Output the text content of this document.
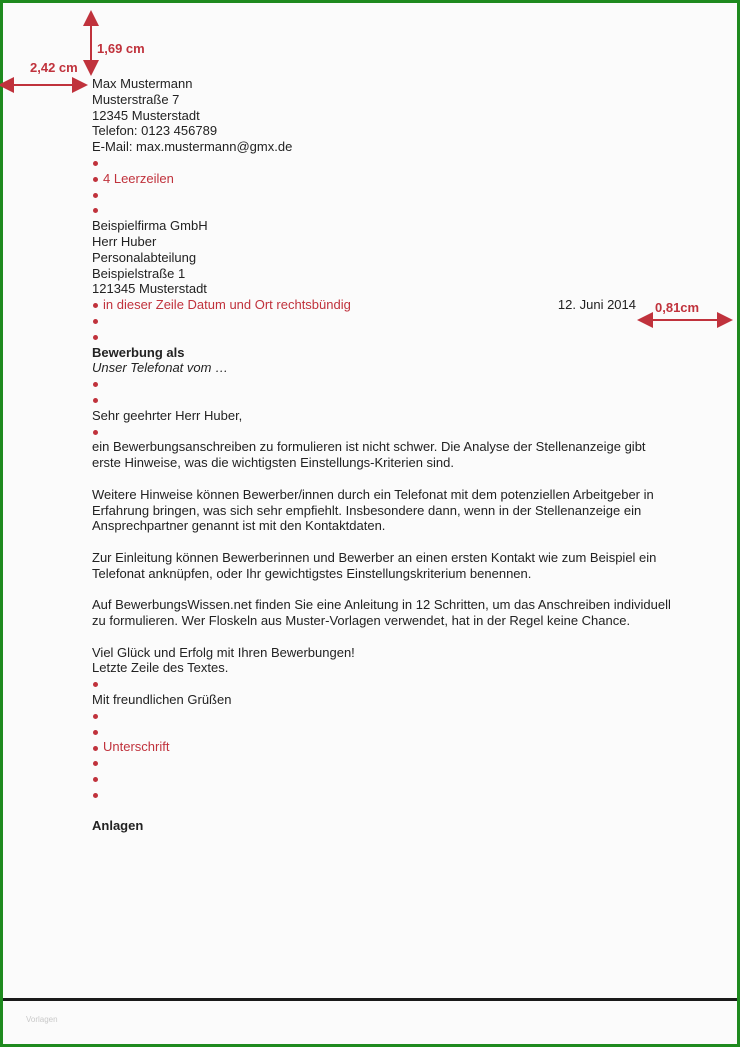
Vorlagen
1,69 cm
2,42 cm
0,81cm
Max Mustermann
Musterstraße 7
12345 Musterstadt
Telefon: 0123 456789
E-Mail: max.mustermann@gmx.de
4 Leerzeilen
Beispielfirma GmbH
Herr Huber
Personalabteilung
Beispielstraße 1
121345 Musterstadt
in dieser Zeile Datum und Ort rechtsbündig	12. Juni 2014
Bewerbung als
Unser Telefonat vom …
Sehr geehrter Herr Huber,
ein Bewerbungsanschreiben zu formulieren ist nicht schwer. Die Analyse der Stellenanzeige gibt erste Hinweise, was die wichtigsten Einstellungs-Kriterien sind.
Weitere Hinweise können Bewerber/innen durch ein Telefonat mit dem potenziellen Arbeitgeber in Erfahrung bringen, was sich sehr empfiehlt. Insbesondere dann, wenn in der Stellenanzeige ein Ansprechpartner genannt ist mit den Kontaktdaten.
Zur Einleitung können Bewerberinnen und Bewerber an einen ersten Kontakt wie zum Beispiel ein Telefonat anknüpfen, oder Ihr gewichtigstes Einstellungskriterium benennen.
Auf BewerbungsWissen.net finden Sie eine Anleitung in 12 Schritten, um das Anschreiben individuell zu formulieren. Wer Floskeln aus Muster-Vorlagen verwendet, hat in der Regel keine Chance.
Viel Glück und Erfolg mit Ihren Bewerbungen!
Letzte Zeile des Textes.
Mit freundlichen Grüßen
Unterschrift
Anlagen
